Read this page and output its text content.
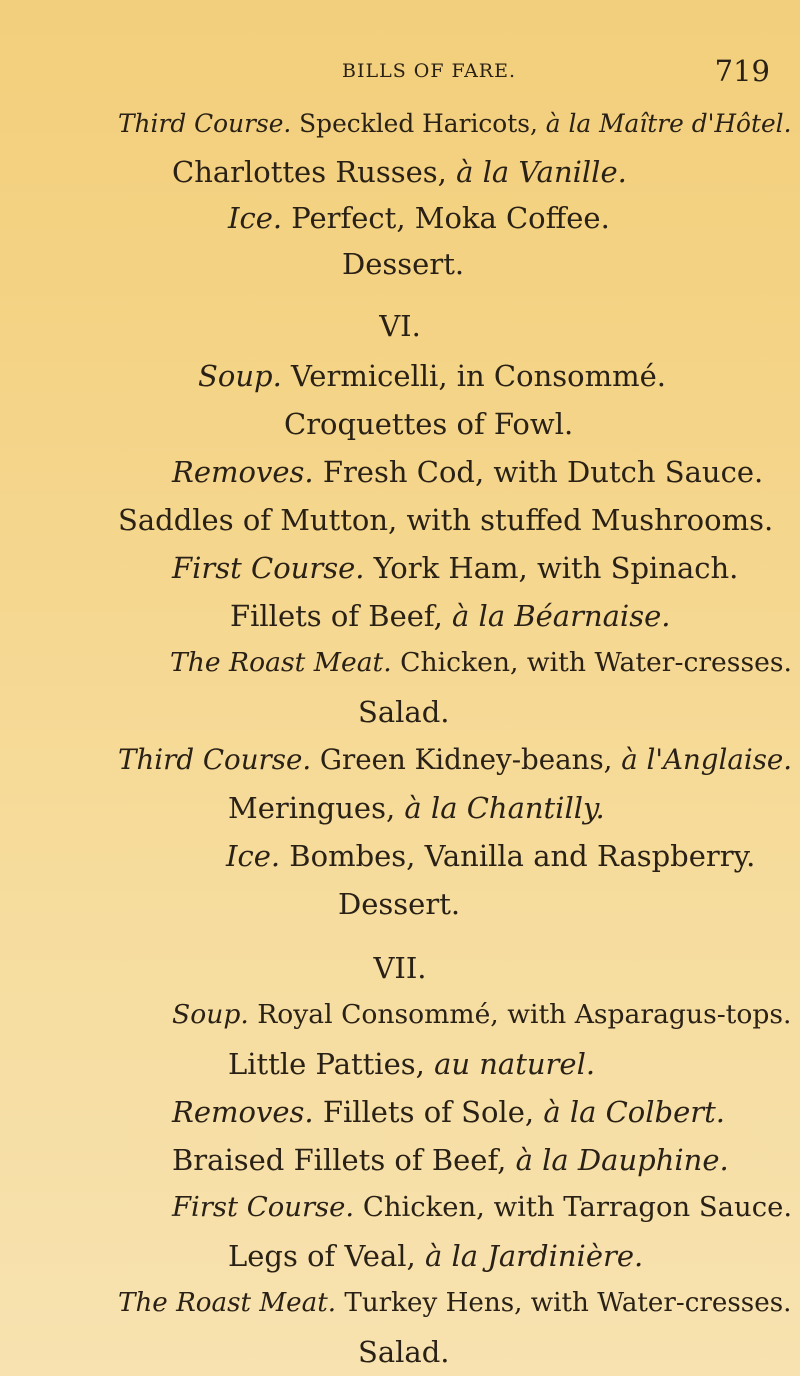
BILLS OF FARE.	719
Third Course. Speckled Haricots, à la Maître d'Hôtel.
Charlottes Russes, à la Vanille.
Ice. Perfect, Moka Coffee.
Dessert.
VI.
Soup. Vermicelli, in Consommé.
Croquettes of Fowl.
Removes. Fresh Cod, with Dutch Sauce.
Saddles of Mutton, with stuffed Mushrooms.
First Course. York Ham, with Spinach.
Fillets of Beef, à la Béarnaise.
The Roast Meat. Chicken, with Water-cresses.
Salad.
Third Course. Green Kidney-beans, à l'Anglaise.
Meringues, à la Chantilly.
Ice. Bombes, Vanilla and Raspberry.
Dessert.
VII.
Soup. Royal Consommé, with Asparagus-tops.
Little Patties, au naturel.
Removes. Fillets of Sole, à la Colbert.
Braised Fillets of Beef, à la Dauphine.
First Course. Chicken, with Tarragon Sauce.
Legs of Veal, à la Jardinière.
The Roast Meat. Turkey Hens, with Water-cresses.
Salad.
